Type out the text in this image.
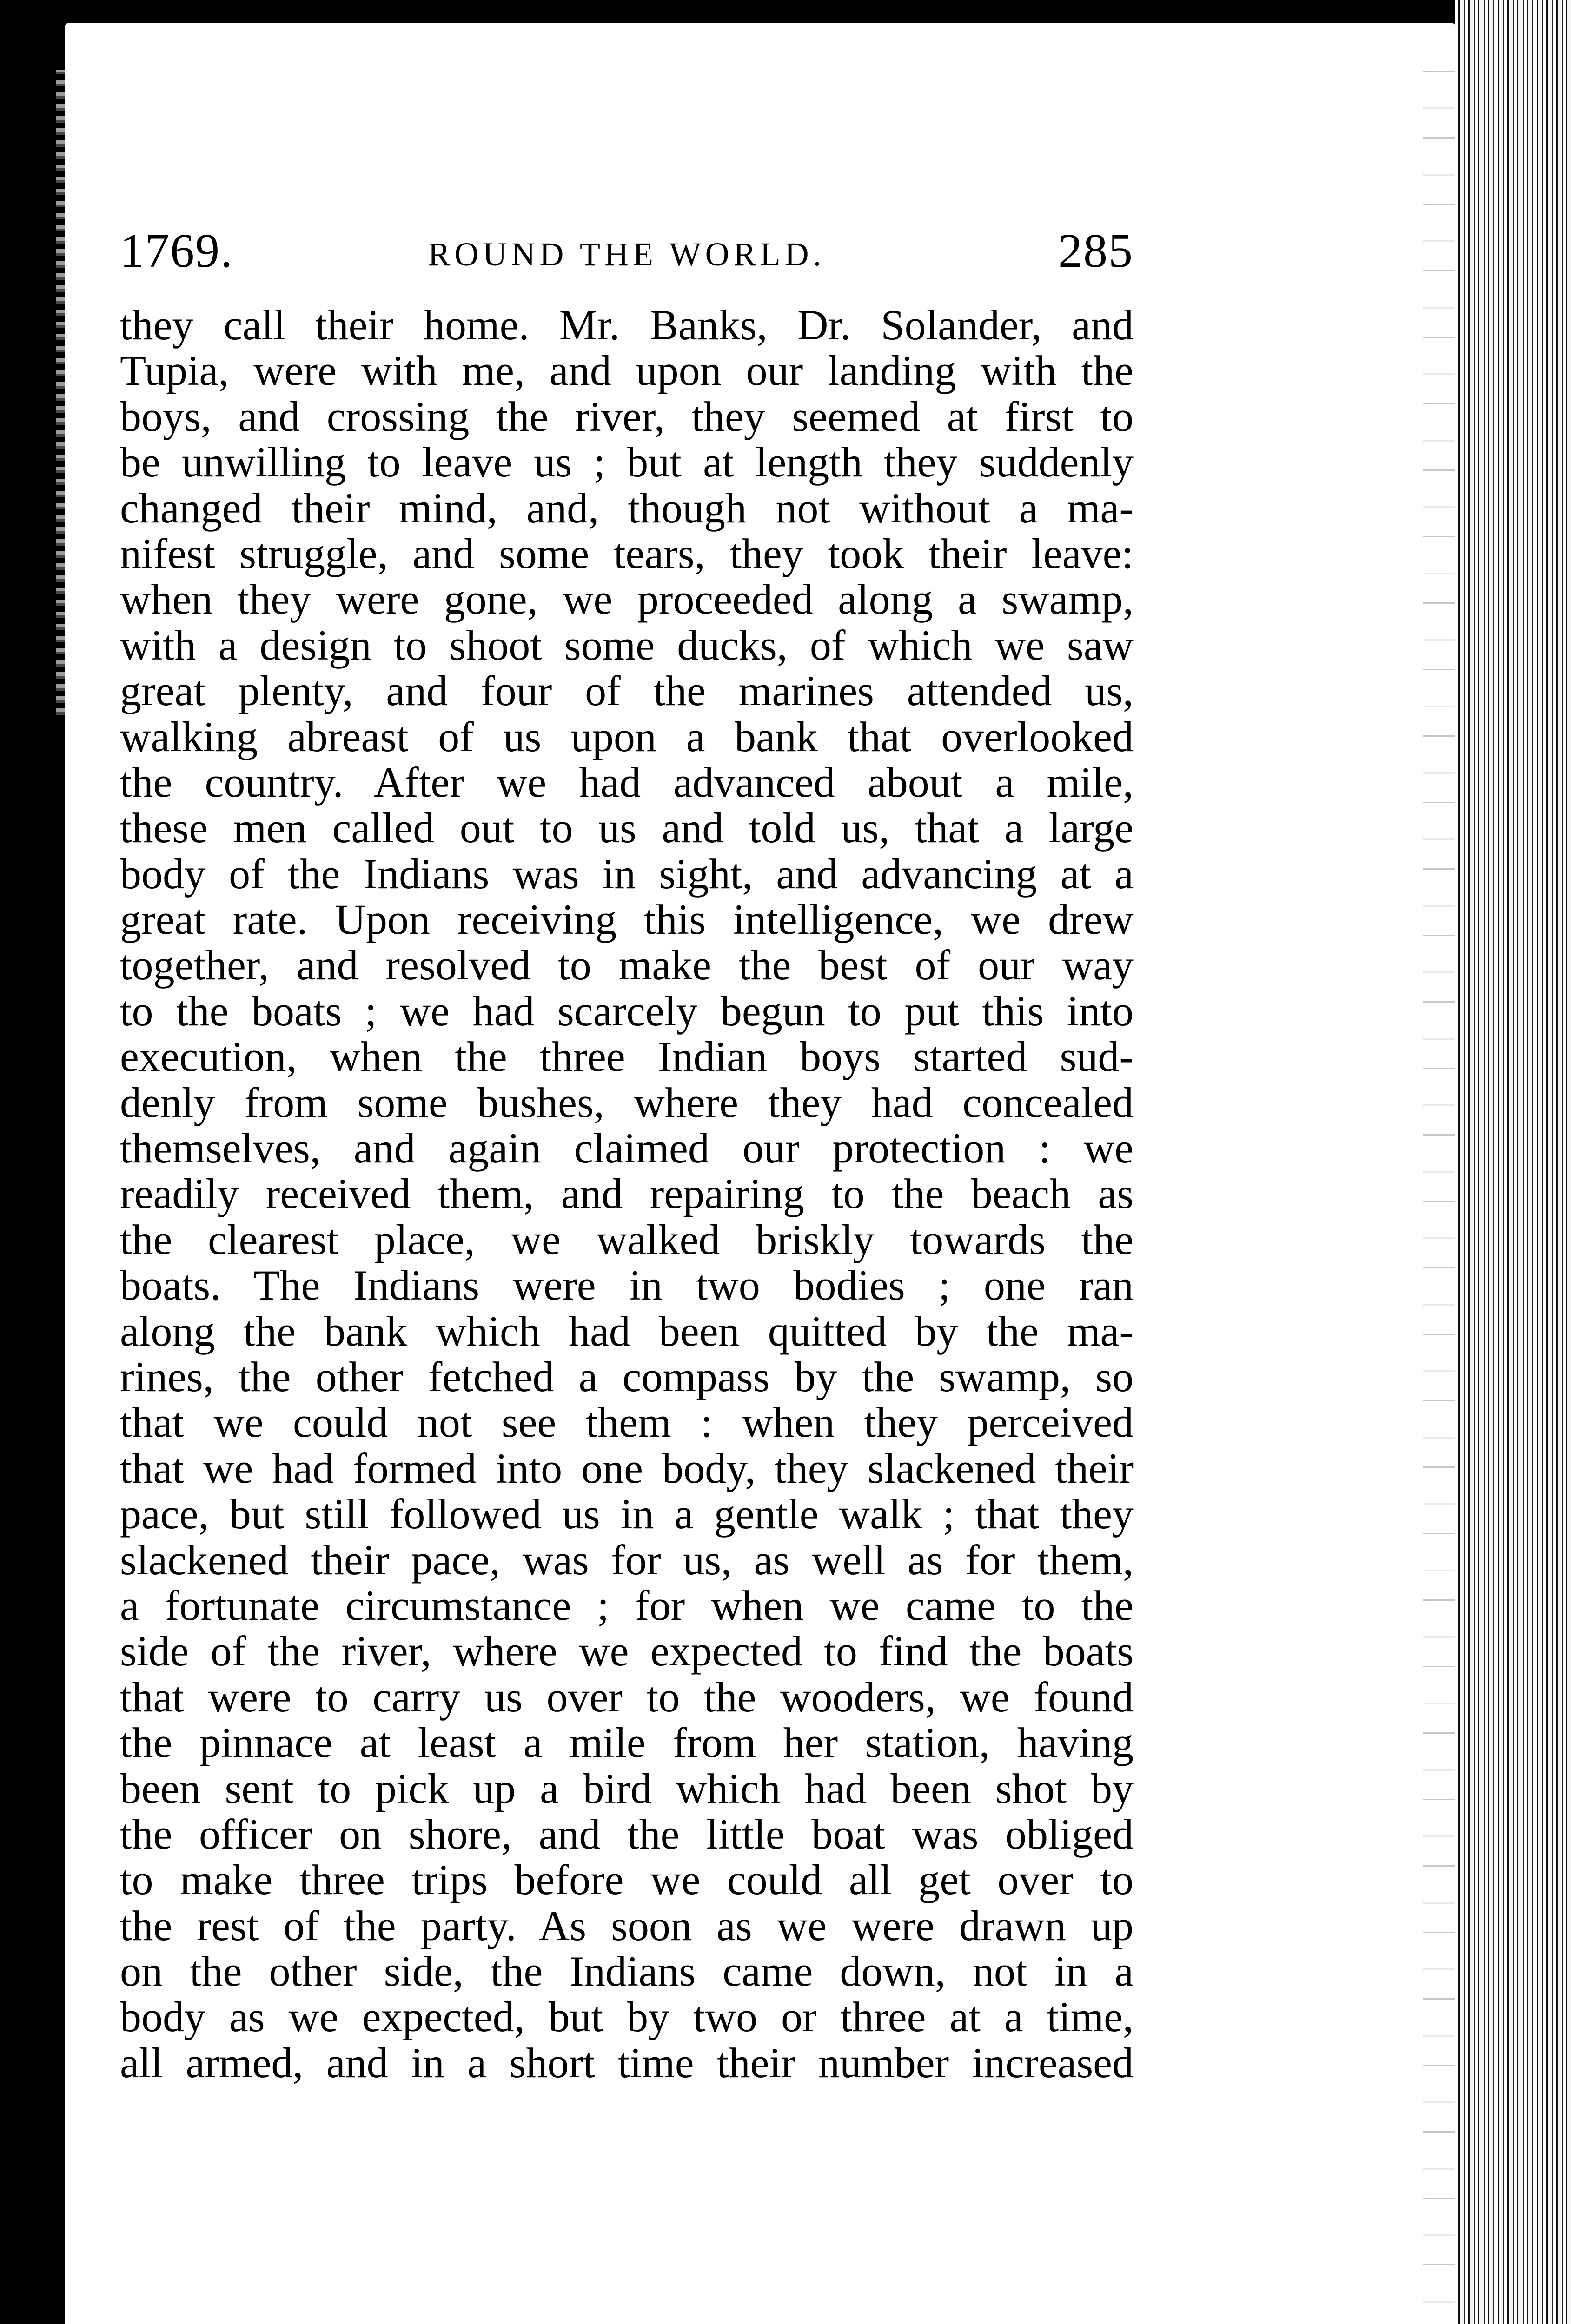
1769.	ROUND THE WORLD.	285
they call their home. Mr. Banks, Dr. Solander, and
Tupia, were with me, and upon our landing with the
boys, and crossing the river, they seemed at first to
be unwilling to leave us ; but at length they suddenly
changed their mind, and, though not without a ma-
nifest struggle, and some tears, they took their leave:
when they were gone, we proceeded along a swamp,
with a design to shoot some ducks, of which we saw
great plenty, and four of the marines attended us,
walking abreast of us upon a bank that overlooked
the country. After we had advanced about a mile,
these men called out to us and told us, that a large
body of the Indians was in sight, and advancing at a
great rate. Upon receiving this intelligence, we drew
together, and resolved to make the best of our way
to the boats ; we had scarcely begun to put this into
execution, when the three Indian boys started sud-
denly from some bushes, where they had concealed
themselves, and again claimed our protection : we
readily received them, and repairing to the beach as
the clearest place, we walked briskly towards the
boats. The Indians were in two bodies ; one ran
along the bank which had been quitted by the ma-
rines, the other fetched a compass by the swamp, so
that we could not see them : when they perceived
that we had formed into one body, they slackened their
pace, but still followed us in a gentle walk ; that they
slackened their pace, was for us, as well as for them,
a fortunate circumstance ; for when we came to the
side of the river, where we expected to find the boats
that were to carry us over to the wooders, we found
the pinnace at least a mile from her station, having
been sent to pick up a bird which had been shot by
the officer on shore, and the little boat was obliged
to make three trips before we could all get over to
the rest of the party. As soon as we were drawn up
on the other side, the Indians came down, not in a
body as we expected, but by two or three at a time,
all armed, and in a short time their number increased
